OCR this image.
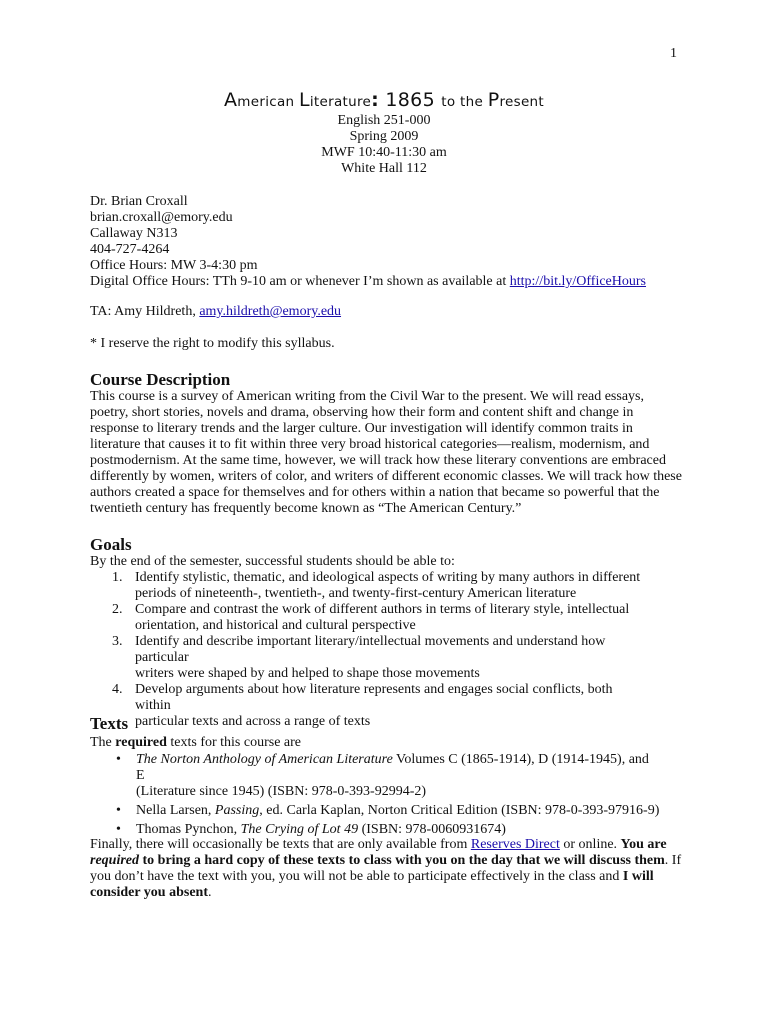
1
American Literature: 1865 to the Present
English 251-000
Spring 2009
MWF 10:40-11:30 am
White Hall 112
Dr. Brian Croxall
brian.croxall@emory.edu
Callaway N313
404-727-4264
Office Hours: MW 3-4:30 pm
Digital Office Hours: TTh 9-10 am or whenever I’m shown as available at http://bit.ly/OfficeHours
TA: Amy Hildreth, amy.hildreth@emory.edu
* I reserve the right to modify this syllabus.
Course Description
This course is a survey of American writing from the Civil War to the present. We will read essays,
poetry, short stories, novels and drama, observing how their form and content shift and change in
response to literary trends and the larger culture. Our investigation will identify common traits in
literature that causes it to fit within three very broad historical categories—realism, modernism, and
postmodernism. At the same time, however, we will track how these literary conventions are embraced
differently by women, writers of color, and writers of different economic classes. We will track how these
authors created a space for themselves and for others within a nation that became so powerful that the
twentieth century has frequently become known as “The American Century.”
Goals
By the end of the semester, successful students should be able to:
1. Identify stylistic, thematic, and ideological aspects of writing by many authors in different
periods of nineteenth-, twentieth-, and twenty-first-century American literature
2. Compare and contrast the work of different authors in terms of literary style, intellectual
orientation, and historical and cultural perspective
3. Identify and describe important literary/intellectual movements and understand how particular
writers were shaped by and helped to shape those movements
4. Develop arguments about how literature represents and engages social conflicts, both within
particular texts and across a range of texts
Texts
The required texts for this course are
• The Norton Anthology of American Literature Volumes C (1865-1914), D (1914-1945), and E
(Literature since 1945) (ISBN: 978-0-393-92994-2)
• Nella Larsen, Passing, ed. Carla Kaplan, Norton Critical Edition (ISBN: 978-0-393-97916-9)
• Thomas Pynchon, The Crying of Lot 49 (ISBN: 978-0060931674)
Finally, there will occasionally be texts that are only available from Reserves Direct or online. You are
required to bring a hard copy of these texts to class with you on the day that we will discuss them. If
you don’t have the text with you, you will not be able to participate effectively in the class and I will
consider you absent.
